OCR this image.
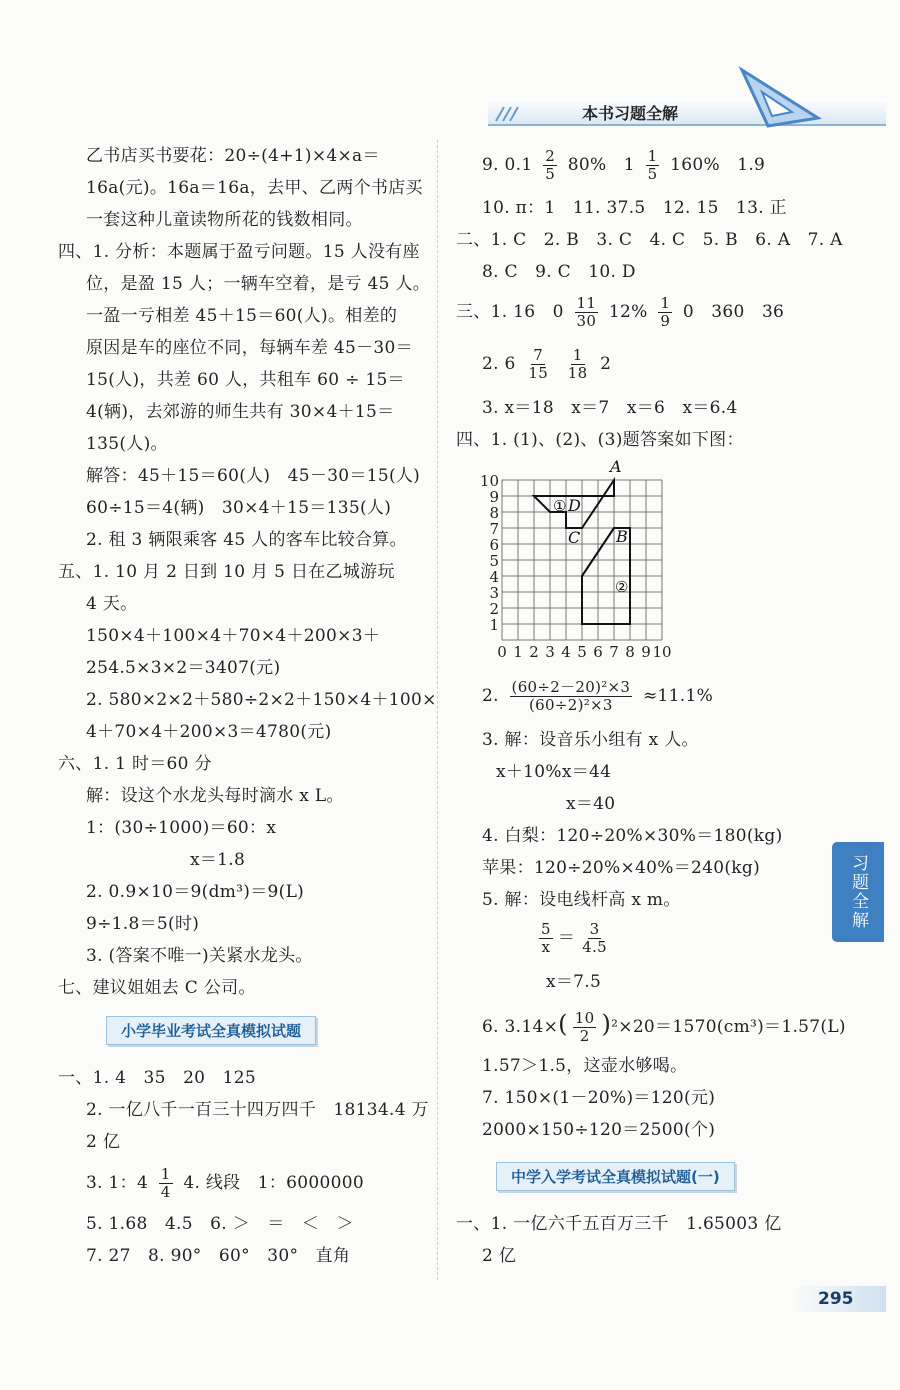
本书习题全解
乙书店买书要花：20÷(4+1)×4×a＝
16a(元)。16a＝16a，去甲、乙两个书店买
一套这种儿童读物所花的钱数相同。
四、1. 分析：本题属于盈亏问题。15 人没有座
位，是盈 15 人；一辆车空着，是亏 45 人。
一盈一亏相差 45＋15＝60(人)。相差的
原因是车的座位不同，每辆车差 45－30＝
15(人)，共差 60 人，共租车 60 ÷ 15＝
4(辆)，去郊游的师生共有 30×4＋15＝
135(人)。
解答：45＋15＝60(人)　45－30＝15(人)
60÷15＝4(辆)　30×4＋15＝135(人)
2. 租 3 辆限乘客 45 人的客车比较合算。
五、1. 10 月 2 日到 10 月 5 日在乙城游玩
4 天。
150×4＋100×4＋70×4＋200×3＋
254.5×3×2＝3407(元)
2. 580×2×2＋580÷2×2＋150×4＋100×
4＋70×4＋200×3＝4780(元)
六、1. 1 时＝60 分
解：设这个水龙头每时滴水 x L。
1：(30÷1000)＝60：x
x＝1.8
2. 0.9×10＝9(dm³)＝9(L)
9÷1.8＝5(时)
3. (答案不唯一)关紧水龙头。
七、建议姐姐去 C 公司。
小学毕业考试全真模拟试题
一、1. 4　35　20　125
2. 一亿八千一百三十四万四千　18134.4 万
2 亿
3. 1：$4 \frac{1}{4} 4$. 线段　1：6000000
5. 1.68　4.5　6. ＞　＝　＜　＞
7. 27　8. 90°　60°　30°　直角
9. $0.1 \frac{2}{5} 80\%$　$1 \frac{1}{5} 160\%$　1.9
10. π：1　11. 37.5　12. 15　13. 正
二、1. C　2. B　3. C　4. C　5. B　6. A　7. A
8. C　9. C　10. D
三、1. 16　$0 \frac{11}{30} 12\% \frac{1}{9} 0$　360　36
2. $6 \frac{7}{15}$
$\frac{1}{18} 2$
3. x＝18　x＝7　x＝6　x＝6.4
四、1. (1)、(2)、(3)题答案如下图：
10
9
8
7
6
5
4
3
2
1
0 1 2 3 4 5 6 7 8 9 10
A
D
C B
①
②
2. $\frac{\text{(60÷2－20)²×3}}{\text{(60÷2)²×3}} \approx 11.1\%$
3. 解：设音乐小组有 x 人。
x＋10%x＝44
x＝40
4. 白梨：120÷20%×30%＝180(kg)
苹果：120÷20%×40%＝240(kg)
5. 解：设电线杆高 x m。
$\frac{5}{x} = \frac{3}{4.5}$
x＝7.5
6. $3.14\times( \frac{10}{2} )^2\times 20=1570(cm^3)=1.57(L)$
1.57＞1.5，这壶水够喝。
7. 150×(1－20%)＝120(元)
2000×150÷120＝2500(个)
中学入学考试全真模拟试题(一)
一、1. 一亿六千五百万三千　1.65003 亿
2 亿
习题全解
295
